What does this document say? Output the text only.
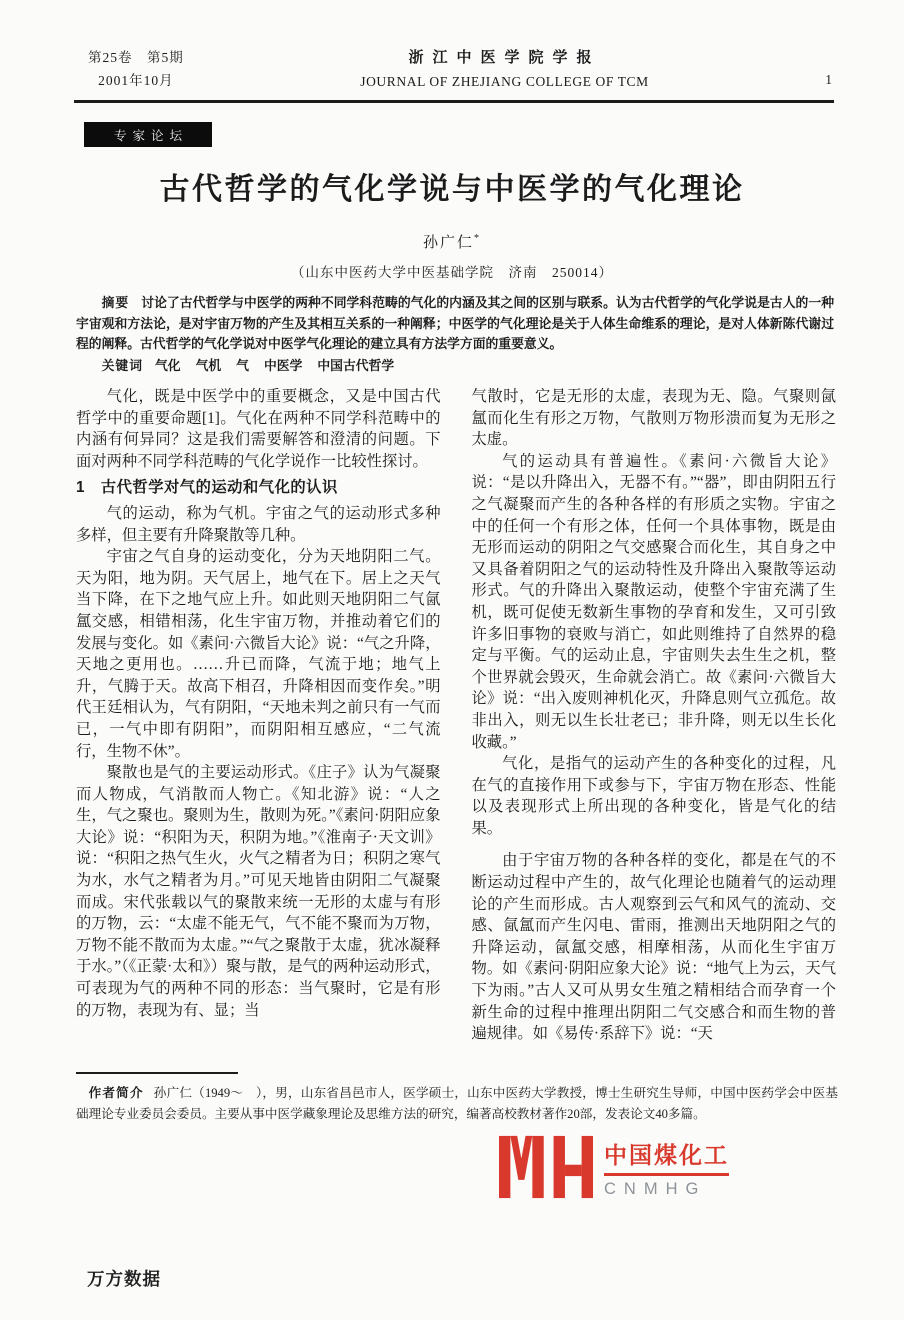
第25卷　第5期
2001年10月
浙江中医学院学报
JOURNAL OF ZHEJIANG COLLEGE OF TCM	1
专家论坛
古代哲学的气化学说与中医学的气化理论
孙广仁*
（山东中医药大学中医基础学院　济南　250014）

摘要 讨论了古代哲学与中医学的两种不同学科范畴的气化的内涵及其之间的区别与联系。认为古代哲学的气化学说是古人的一种宇宙观和方法论，是对宇宙万物的产生及其相互关系的一种阐释；中医学的气化理论是关于人体生命维系的理论，是对人体新陈代谢过程的阐释。古代哲学的气化学说对中医学气化理论的建立具有方法学方面的重要意义。

关键词 气化 气机 气 中医学 中国古代哲学

气化，既是中医学中的重要概念，又是中国古代哲学中的重要命题[1]。气化在两种不同学科范畴中的内涵有何异同？这是我们需要解答和澄清的问题。下面对两种不同学科范畴的气化学说作一比较性探讨。

1　古代哲学对气的运动和气化的认识

气的运动，称为气机。宇宙之气的运动形式多种多样，但主要有升降聚散等几种。

宇宙之气自身的运动变化，分为天地阴阳二气。天为阳，地为阴。天气居上，地气在下。居上之天气当下降，在下之地气应上升。如此则天地阴阳二气氤氲交感，相错相荡，化生宇宙万物，并推动着它们的发展与变化。如《素问·六微旨大论》说：“气之升降，天地之更用也。……升已而降，气流于地；地气上升，气腾于天。故高下相召，升降相因而变作矣。”明代王廷相认为，气有阴阳，“天地未判之前只有一气而已，一气中即有阴阳”，而阴阳相互感应，“二气流行，生物不休”。

聚散也是气的主要运动形式。《庄子》认为气凝聚而人物成，气消散而人物亡。《知北游》说：“人之生，气之聚也。聚则为生，散则为死。”《素问·阴阳应象大论》说：“积阳为天，积阴为地。”《淮南子·天文训》说：“积阳之热气生火，火气之精者为日；积阴之寒气为水，水气之精者为月。”可见天地皆由阴阳二气凝聚而成。宋代张载以气的聚散来统一无形的太虚与有形的万物，云：“太虚不能无气，气不能不聚而为万物，万物不能不散而为太虚。”“气之聚散于太虚，犹冰凝释于水。”（《正蒙·太和》）聚与散，是气的两种运动形式，可表现为气的两种不同的形态：当气聚时，它是有形的万物，表现为有、显；当

气散时，它是无形的太虚，表现为无、隐。气聚则氤氲而化生有形之万物，气散则万物形溃而复为无形之太虚。

气的运动具有普遍性。《素问·六微旨大论》说：“是以升降出入，无器不有。”“器”，即由阴阳五行之气凝聚而产生的各种各样的有形质之实物。宇宙之中的任何一个有形之体，任何一个具体事物，既是由无形而运动的阴阳之气交感聚合而化生，其自身之中又具备着阴阳之气的运动特性及升降出入聚散等运动形式。气的升降出入聚散运动，使整个宇宙充满了生机，既可促使无数新生事物的孕育和发生，又可引致许多旧事物的衰败与消亡，如此则维持了自然界的稳定与平衡。气的运动止息，宇宙则失去生生之机，整个世界就会毁灭，生命就会消亡。故《素问·六微旨大论》说：“出入废则神机化灭，升降息则气立孤危。故非出入，则无以生长壮老已；非升降，则无以生长化收藏。”

气化，是指气的运动产生的各种变化的过程，凡在气的直接作用下或参与下，宇宙万物在形态、性能以及表现形式上所出现的各种变化，皆是气化的结果。

由于宇宙万物的各种各样的变化，都是在气的不断运动过程中产生的，故气化理论也随着气的运动理论的产生而形成。古人观察到云气和风气的流动、交感、氤氲而产生闪电、雷雨，推测出天地阴阳之气的升降运动，氤氲交感，相摩相荡，从而化生宇宙万物。如《素问·阴阳应象大论》说：“地气上为云，天气下为雨。”古人又可从男女生殖之精相结合而孕育一个新生命的过程中推理出阴阳二气交感合和而生物的普遍规律。如《易传·系辞下》说：“天

作者简介 孙广仁（1949～　），男，山东省昌邑市人，医学硕士，山东中医药大学教授，博士生研究生导师，中国中医药学会中医基础理论专业委员会委员。主要从事中医学藏象理论及思维方法的研究，编著高校教材著作20部，发表论文40多篇。

中国煤化工
CNMHG
万方数据
